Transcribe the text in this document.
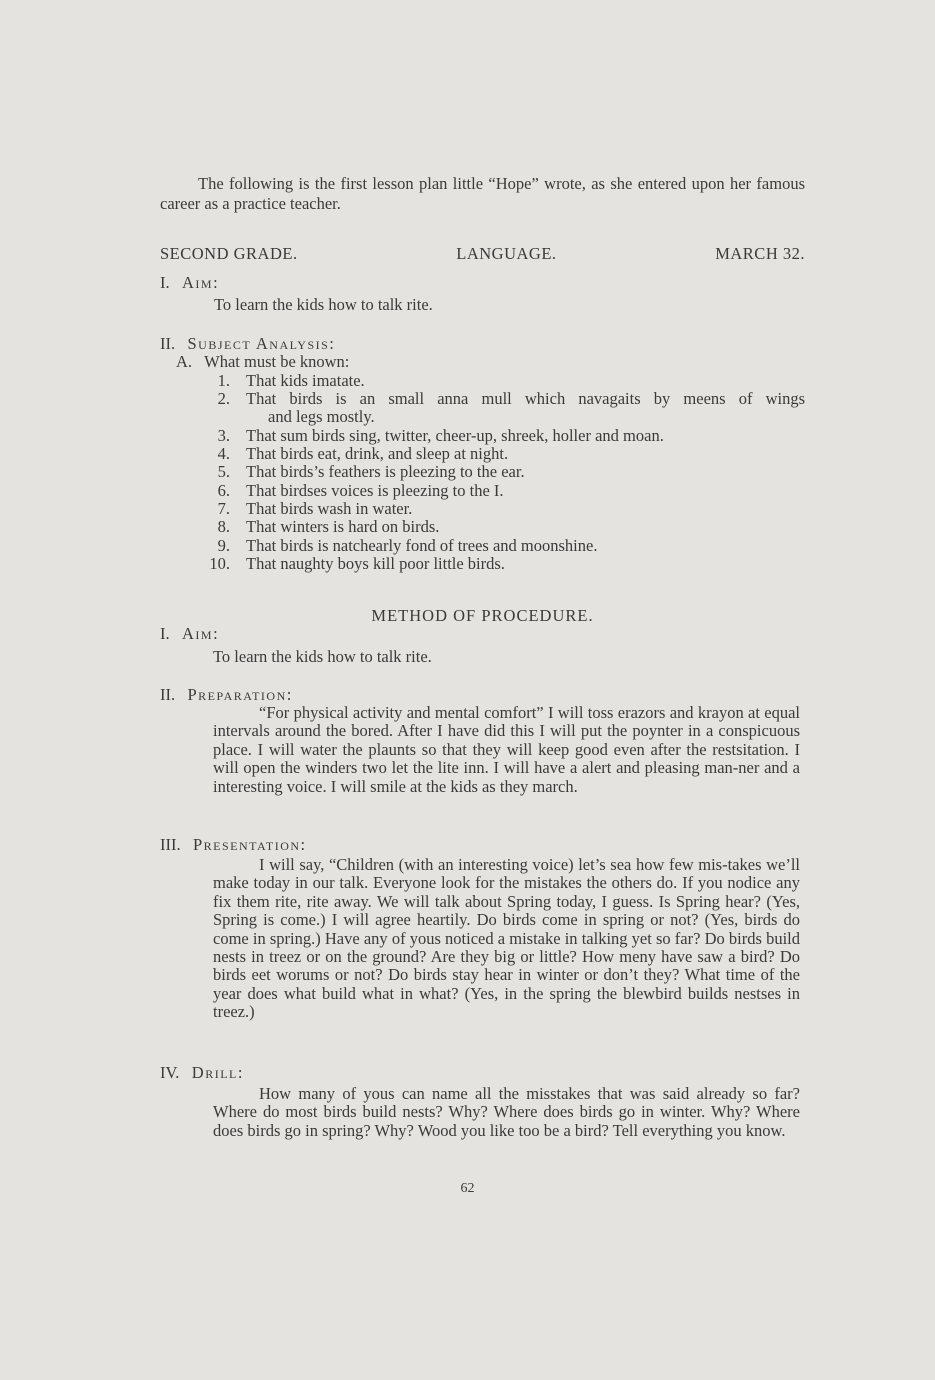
The following is the first lesson plan little “Hope” wrote, as she entered upon her famous career as a practice teacher.

SECOND GRADE.	LANGUAGE.	MARCH 32.
I. Aim:
To learn the kids how to talk rite.
II. Subject Analysis:
A. What must be known:
1. That kids imatate.
2. That birds is an small anna mull which navagaits by meens of wings
and legs mostly.
3. That sum birds sing, twitter, cheer-up, shreek, holler and moan.
4. That birds eat, drink, and sleep at night.
5. That birds’s feathers is pleezing to the ear.
6. That birdses voices is pleezing to the I.
7. That birds wash in water.
8. That winters is hard on birds.
9. That birds is natchearly fond of trees and moonshine.
10. That naughty boys kill poor little birds.
METHOD OF PROCEDURE.
I. Aim:
To learn the kids how to talk rite.
II. Preparation:

“For physical activity and mental comfort” I will toss erazors and krayon at equal intervals around the bored. After I have did this I will put the poynter in a conspicuous place. I will water the plaunts so that they will keep good even after the restsitation. I will open the winders two let the lite inn. I will have a alert and pleasing man-ner and a interesting voice. I will smile at the kids as they march.

III. Presentation:

I will say, “Children (with an interesting voice) let’s sea how few mis-takes we’ll make today in our talk. Everyone look for the mistakes the others do. If you nodice any fix them rite, rite away. We will talk about Spring today, I guess. Is Spring hear? (Yes, Spring is come.) I will agree heartily. Do birds come in spring or not? (Yes, birds do come in spring.) Have any of yous noticed a mistake in talking yet so far? Do birds build nests in treez or on the ground? Are they big or little? How meny have saw a bird? Do birds eet worums or not? Do birds stay hear in winter or don’t they? What time of the year does what build what in what? (Yes, in the spring the blewbird builds nestses in treez.)

IV. Drill:

How many of yous can name all the misstakes that was said already so far? Where do most birds build nests? Why? Where does birds go in winter. Why? Where does birds go in spring? Why? Wood you like too be a bird? Tell everything you know.

62
